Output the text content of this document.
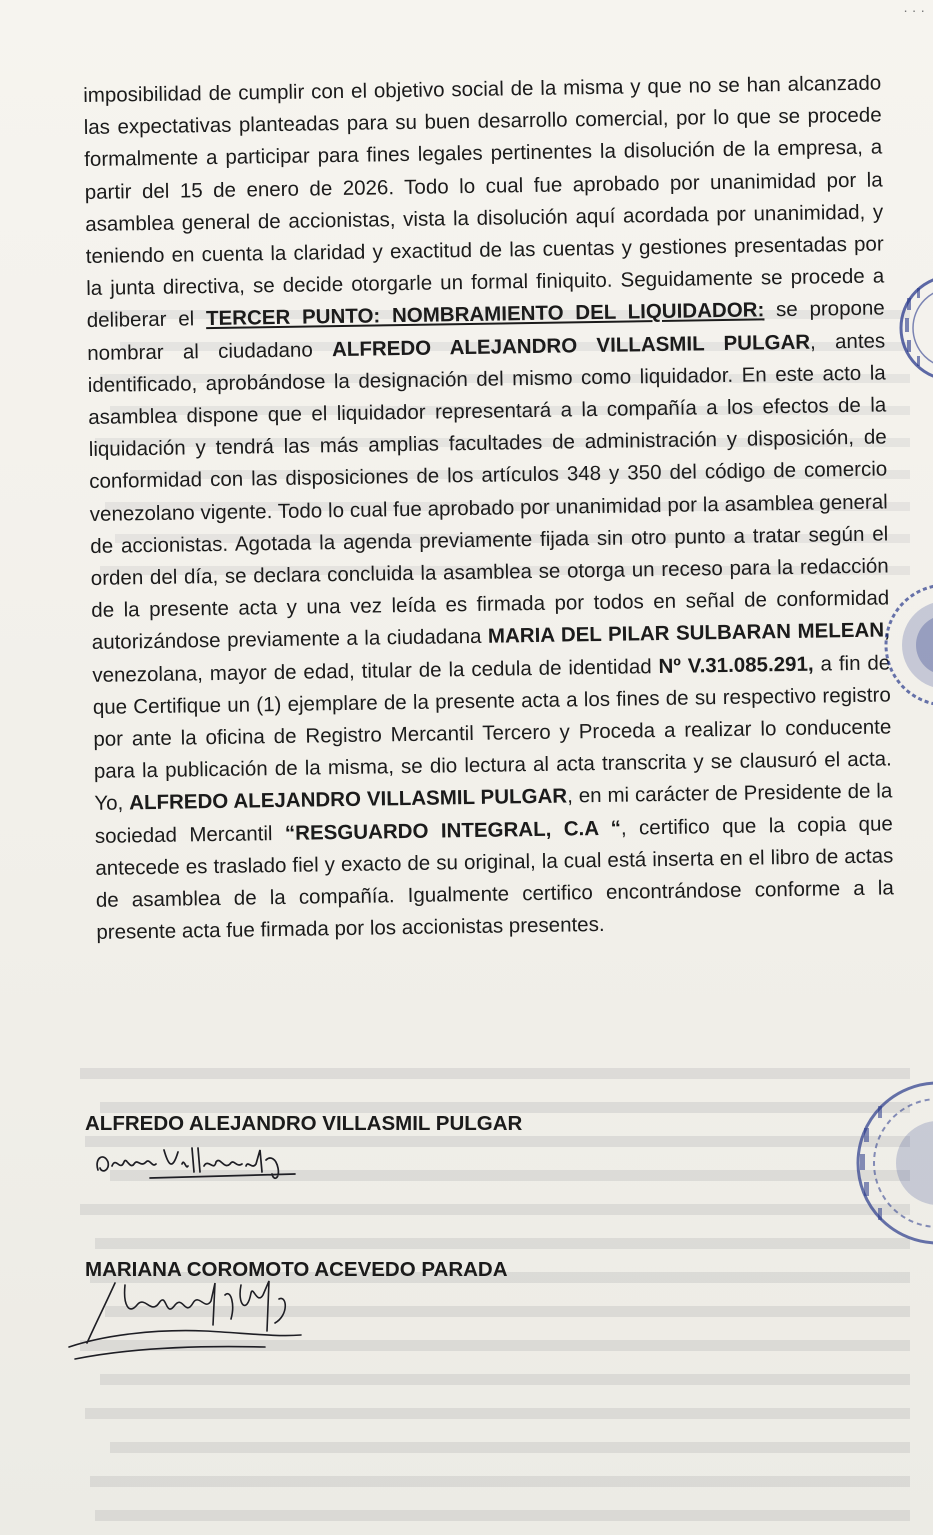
imposibilidad de cumplir con el objetivo social de la misma y que no se han alcanzado las expectativas planteadas para su buen desarrollo comercial, por lo que se procede formalmente a participar para fines legales pertinentes la disolución de la empresa, a partir del 15 de enero de 2026. Todo lo cual fue aprobado por unanimidad por la asamblea general de accionistas, vista la disolución aquí acordada por unanimidad, y teniendo en cuenta la claridad y exactitud de las cuentas y gestiones presentadas por la junta directiva, se decide otorgarle un formal finiquito. Seguidamente se procede a deliberar el TERCER PUNTO: NOMBRAMIENTO DEL LIQUIDADOR: se propone nombrar al ciudadano ALFREDO ALEJANDRO VILLASMIL PULGAR, antes identificado, aprobándose la designación del mismo como liquidador. En este acto la asamblea dispone que el liquidador representará a la compañía a los efectos de la liquidación y tendrá las más amplias facultades de administración y disposición, de conformidad con las disposiciones de los artículos 348 y 350 del código de comercio venezolano vigente. Todo lo cual fue aprobado por unanimidad por la asamblea general de accionistas. Agotada la agenda previamente fijada sin otro punto a tratar según el orden del día, se declara concluida la asamblea se otorga un receso para la redacción de la presente acta y una vez leída es firmada por todos en señal de conformidad autorizándose previamente a la ciudadana MARIA DEL PILAR SULBARAN MELEAN, venezolana, mayor de edad, titular de la cedula de identidad Nº V.31.085.291, a fin de que Certifique un (1) ejemplare de la presente acta a los fines de su respectivo registro por ante la oficina de Registro Mercantil Tercero y Proceda a realizar lo conducente para la publicación de la misma, se dio lectura al acta transcrita y se clausuró el acta. Yo, ALFREDO ALEJANDRO VILLASMIL PULGAR, en mi carácter de Presidente de la sociedad Mercantil “RESGUARDO INTEGRAL, C.A “, certifico que la copia que antecede es traslado fiel y exacto de su original, la cual está inserta en el libro de actas de asamblea de la compañía. Igualmente certifico encontrándose conforme a la presente acta fue firmada por los accionistas presentes.

ALFREDO ALEJANDRO VILLASMIL PULGAR
MARIANA COROMOTO ACEVEDO PARADA
· · ·
